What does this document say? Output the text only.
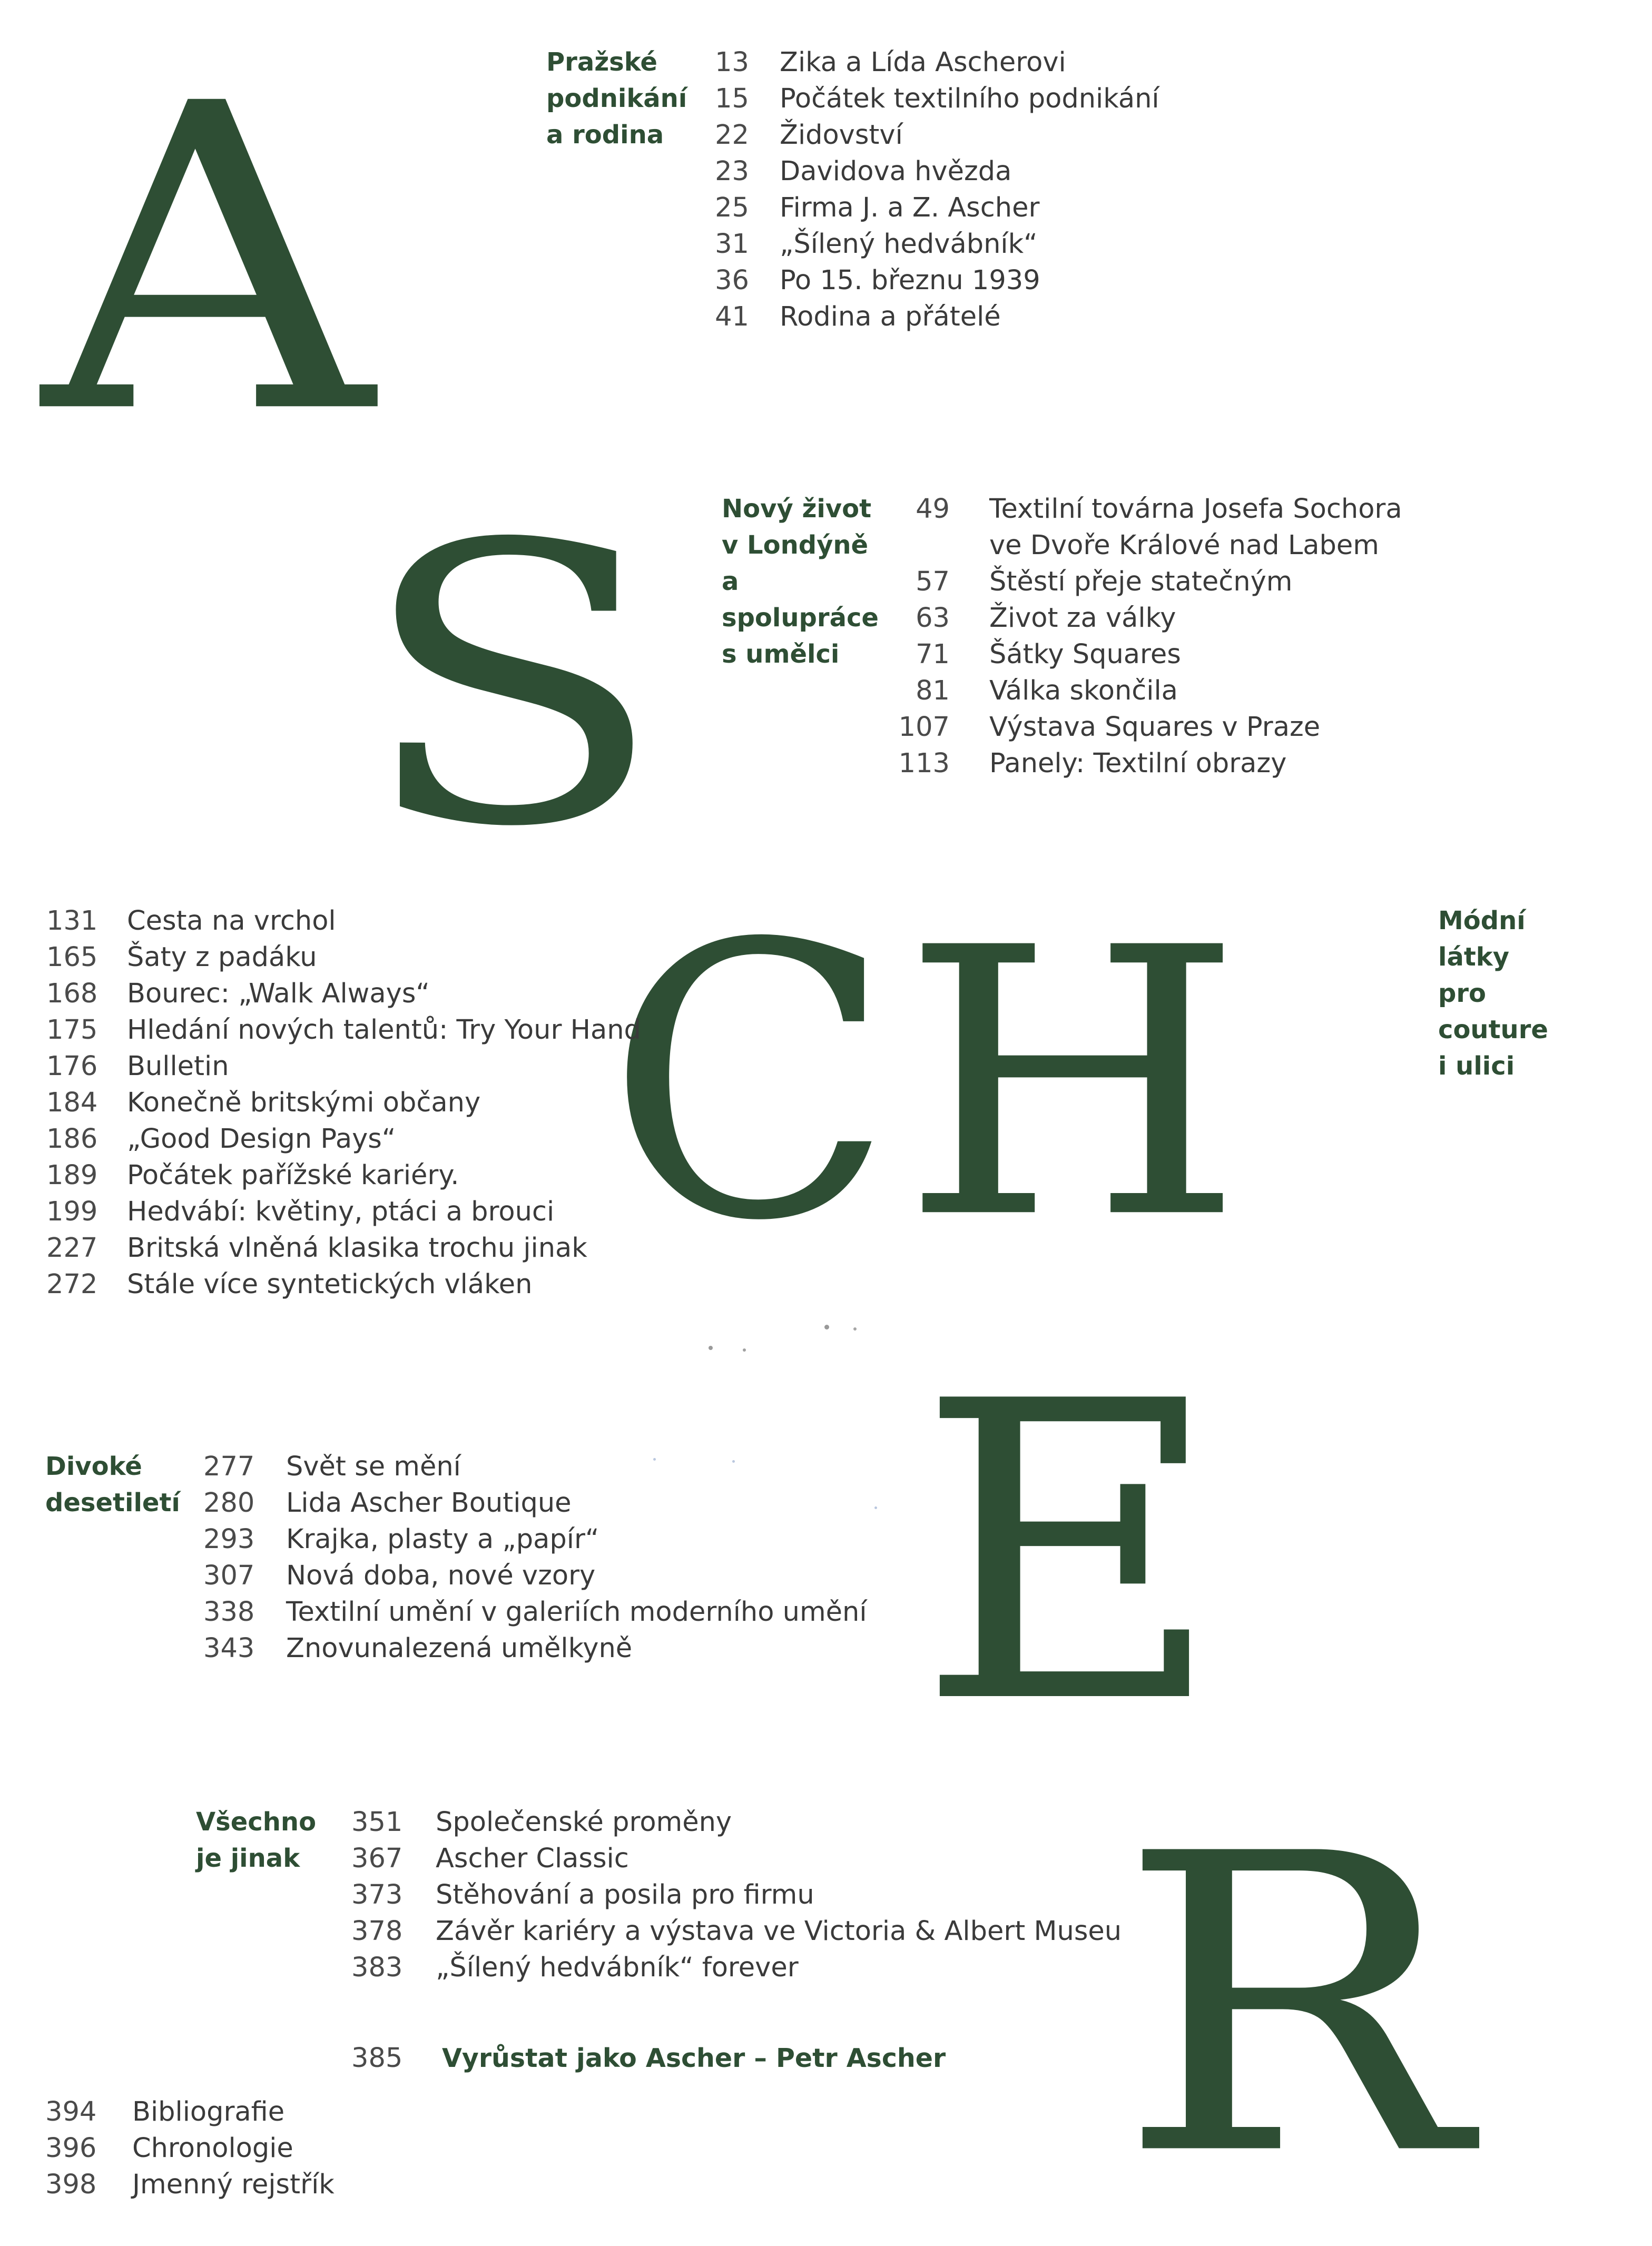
A
S
C H
E
R
Pražské
podnikání
a rodina
13 Zika a Lída Ascherovi
15 Počátek textilního podnikání
22 Židovství
23 Davidova hvězda
25 Firma J. a Z. Ascher
31 „Šílený hedvábník“
36 Po 15. březnu 1939
41 Rodina a přátelé
Nový život
v Londýně
a spolupráce
s umělci
49 Textilní továrna Josefa Sochora
ve Dvoře Králové nad Labem
57 Štěstí přeje statečným
63 Život za války
71 Šátky Squares
81 Válka skončila
107 Výstava Squares v Praze
113 Panely: Textilní obrazy
131 Cesta na vrchol
165 Šaty z padáku
168 Bourec: „Walk Always“
175 Hledání nových talentů: Try Your Hand
176 Bulletin
184 Konečně britskými občany
186 „Good Design Pays“
189 Počátek pařížské kariéry.
199 Hedvábí: květiny, ptáci a brouci
227 Britská vlněná klasika trochu jinak
272 Stále více syntetických vláken
Módní látky
pro couture
i ulici
Divoké
desetiletí
277 Svět se mění
280 Lida Ascher Boutique
293 Krajka, plasty a „papír“
307 Nová doba, nové vzory
338 Textilní umění v galeriích moderního umění
343 Znovunalezená umělkyně
Všechno
je jinak
351 Společenské proměny
367 Ascher Classic
373 Stěhování a posila pro firmu
378 Závěr kariéry a výstava ve Victoria & Albert Museu
383 „Šílený hedvábník“ forever
385 Vyrůstat jako Ascher – Petr Ascher
394 Bibliografie
396 Chronologie
398 Jmenný rejstřík
